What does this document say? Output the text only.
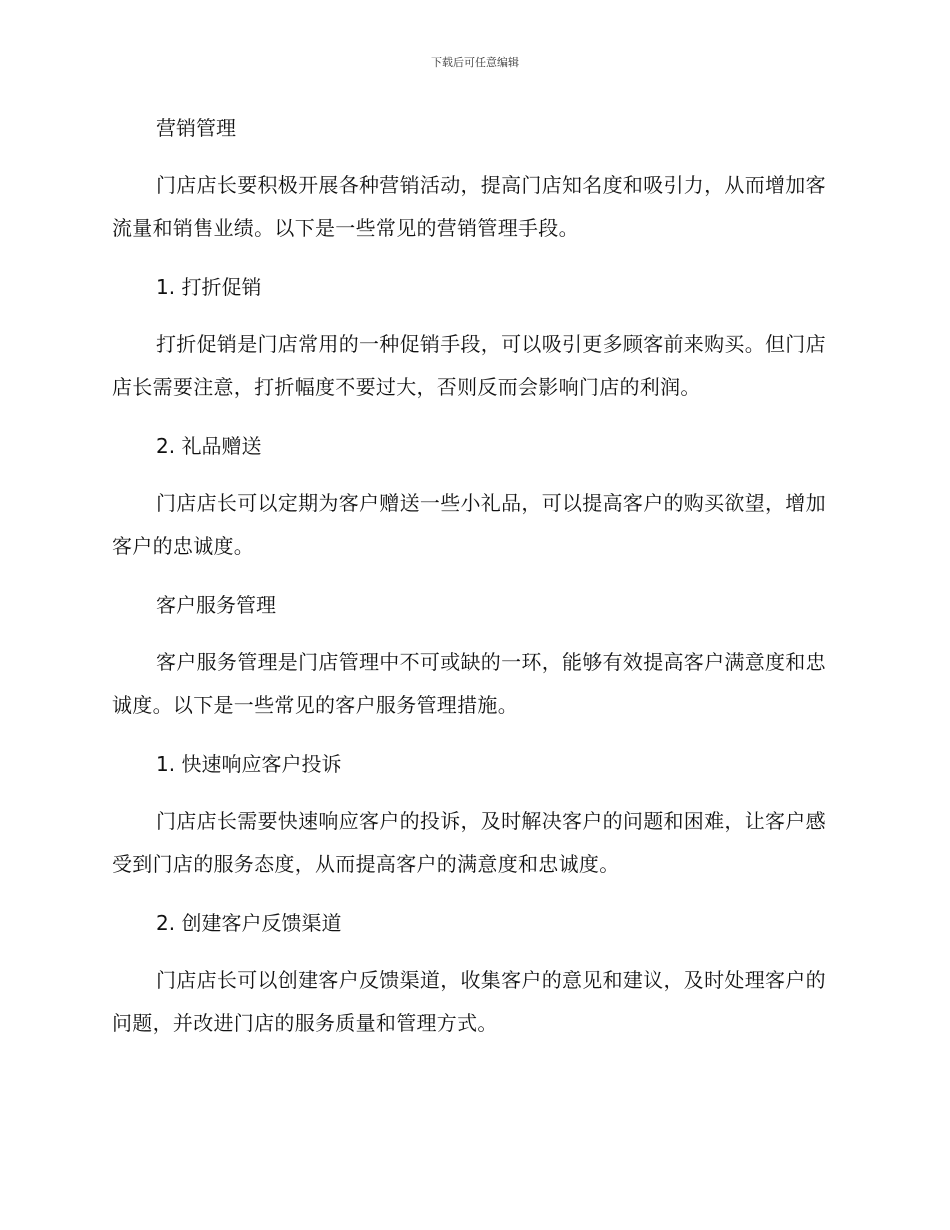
下载后可任意编辑
营销管理

门店店长要积极开展各种营销活动，提高门店知名度和吸引力，从而增加客流量和销售业绩。以下是一些常见的营销管理手段。

1. 打折促销

打折促销是门店常用的一种促销手段，可以吸引更多顾客前来购买。但门店店长需要注意，打折幅度不要过大，否则反而会影响门店的利润。

2. 礼品赠送

门店店长可以定期为客户赠送一些小礼品，可以提高客户的购买欲望，增加客户的忠诚度。

客户服务管理

客户服务管理是门店管理中不可或缺的一环，能够有效提高客户满意度和忠诚度。以下是一些常见的客户服务管理措施。

1. 快速响应客户投诉

门店店长需要快速响应客户的投诉，及时解决客户的问题和困难，让客户感受到门店的服务态度，从而提高客户的满意度和忠诚度。

2. 创建客户反馈渠道

门店店长可以创建客户反馈渠道，收集客户的意见和建议，及时处理客户的问题，并改进门店的服务质量和管理方式。
